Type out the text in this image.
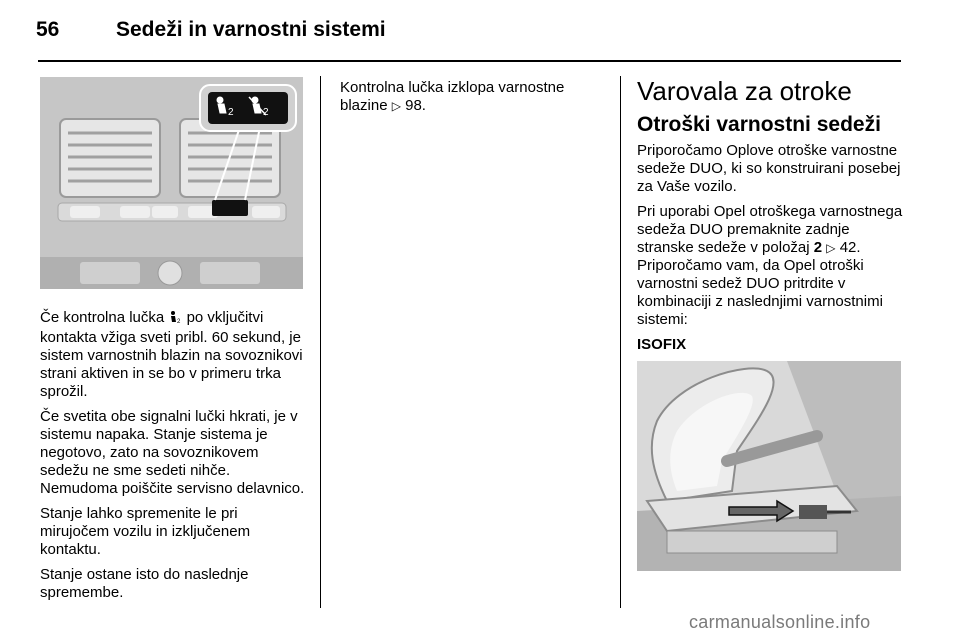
56	Sedeži in varnostni sistemi
2	2

Če kontrolna lučka 2 po vključitvi kontakta vžiga sveti pribl. 60 sekund, je sistem varnostnih blazin na sovoznikovi strani aktiven in se bo v primeru trka sprožil.

Če svetita obe signalni lučki hkrati, je v sistemu napaka. Stanje sistema je negotovo, zato na sovoznikovem sedežu ne sme sedeti nihče. Nemudoma poiščite servisno delavnico.

Stanje lahko spremenite le pri mirujočem vozilu in izključenem kontaktu.

Stanje ostane isto do naslednje spremembe.

Kontrolna lučka izklopa varnostne blazine ▷ 98.	Varovala za otroke
Otroški varnostni sedeži

Priporočamo Oplove otroške varnostne sedeže DUO, ki so konstruirani posebej za Vaše vozilo.

Pri uporabi Opel otroškega varnostnega sedeža DUO premaknite zadnje stranske sedeže v položaj 2 ▷ 42. Priporočamo vam, da Opel otroški varnostni sedež DUO pritrdite v kombinaciji z naslednjimi varnostnimi sistemi:

ISOFIX

carmanualsonline.info
